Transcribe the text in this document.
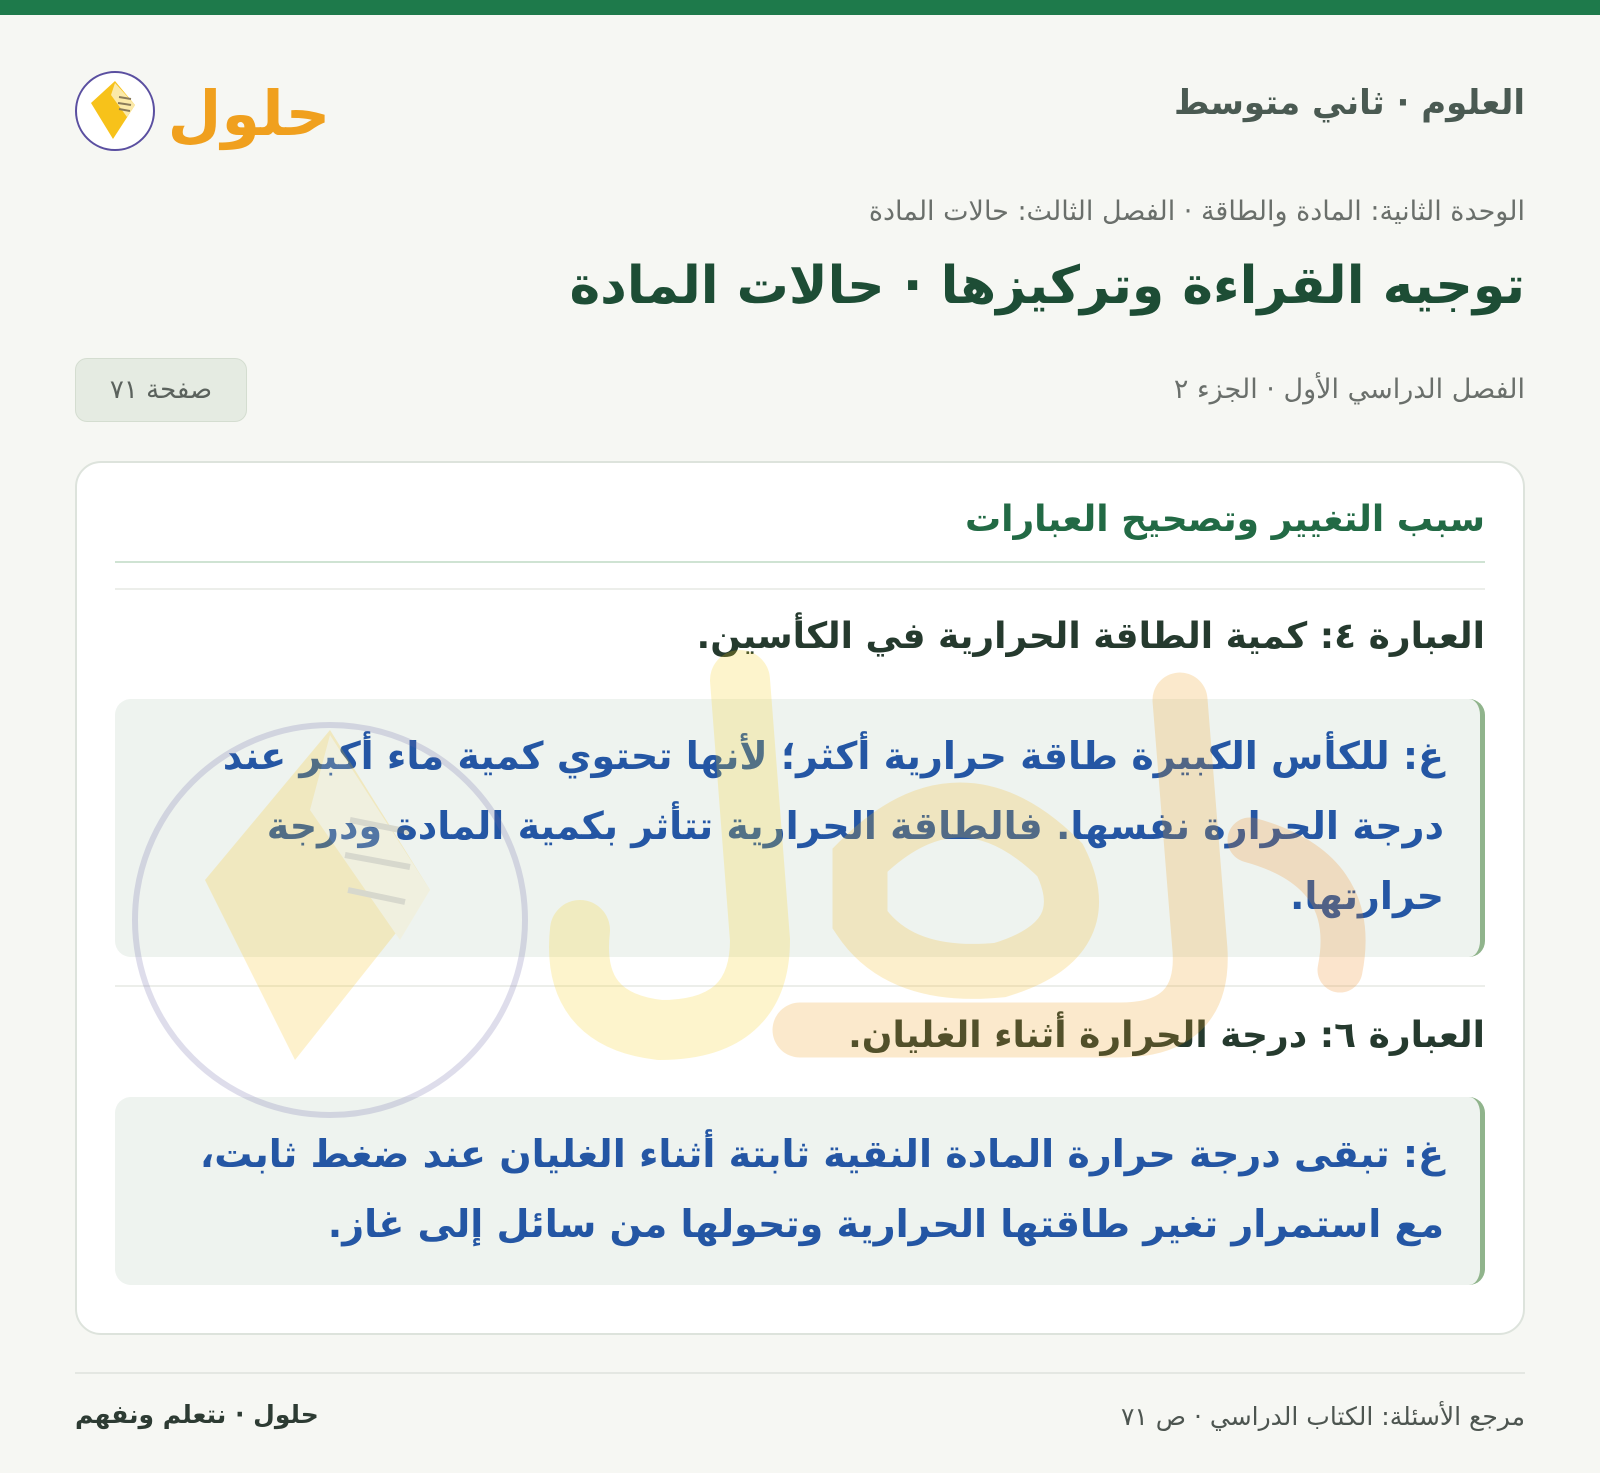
العلوم · ثاني متوسط
حلول
الوحدة الثانية: المادة والطاقة · الفصل الثالث: حالات المادة
توجيه القراءة وتركيزها · حالات المادة
الفصل الدراسي الأول · الجزء ٢
صفحة ٧١
سبب التغيير وتصحيح العبارات
العبارة ٤: كمية الطاقة الحرارية في الكأسين.
غ: للكأس الكبيرة طاقة حرارية أكثر؛ لأنها تحتوي كمية ماء أكبر عند درجة الحرارة نفسها. فالطاقة الحرارية تتأثر بكمية المادة ودرجة حرارتها.
العبارة ٦: درجة الحرارة أثناء الغليان.
غ: تبقى درجة حرارة المادة النقية ثابتة أثناء الغليان عند ضغط ثابت، مع استمرار تغير طاقتها الحرارية وتحولها من سائل إلى غاز.
مرجع الأسئلة: الكتاب الدراسي · ص ٧١
حلول · نتعلم ونفهم
